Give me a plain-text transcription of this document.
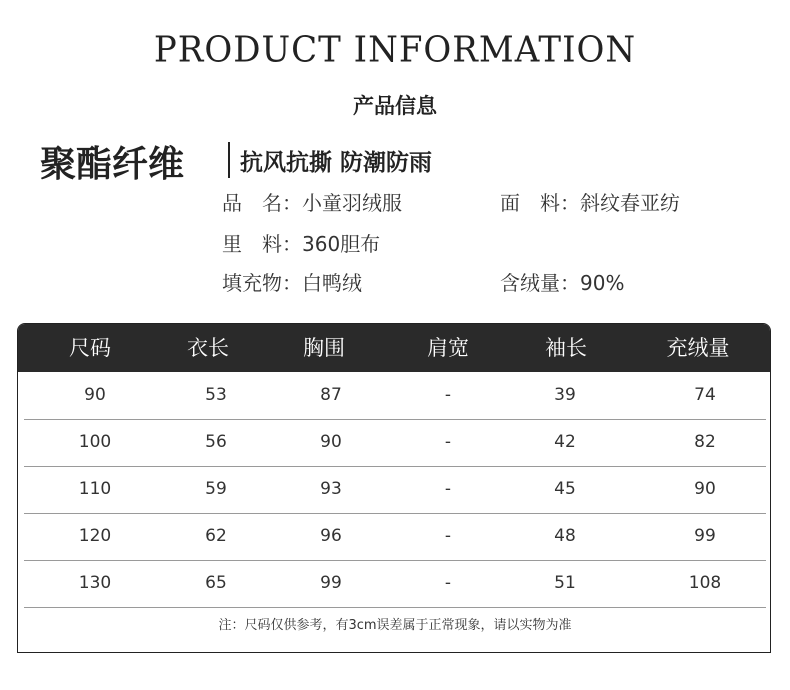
PRODUCT INFORMATION
产品信息
聚酯纤维 抗风抗撕 防潮防雨
品　名：小童羽绒服	面　料：斜纹春亚纺
里　料：360胆布
填充物：白鸭绒	含绒量：90%
尺码	衣长	胸围	肩宽	袖长	充绒量
90	53	87	-	39	74
100	56	90	-	42	82
110	59	93	-	45	90
120	62	96	-	48	99
130	65	99	-	51	108
注：尺码仅供参考，有3cm误差属于正常现象，请以实物为准
